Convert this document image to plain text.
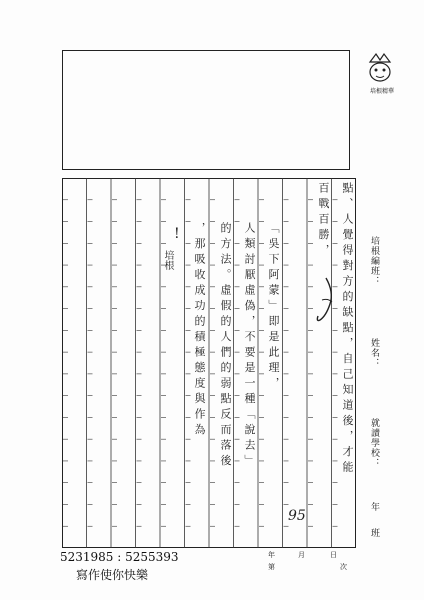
培根精華
培根編班：
姓名：
就讀學校：
年
班
點、人覺得對方的缺點，自己知道後，才能
百戰百勝，
「吳下阿蒙」即是此理，
人類討厭虛偽，不要是一種「說去」
的方法。虛假的人們的弱點反而落後
，那吸收成功的積極態度與作為
培根
!
95
5231985 : 5255393
寫作使你快樂
年	月	日
第	次
